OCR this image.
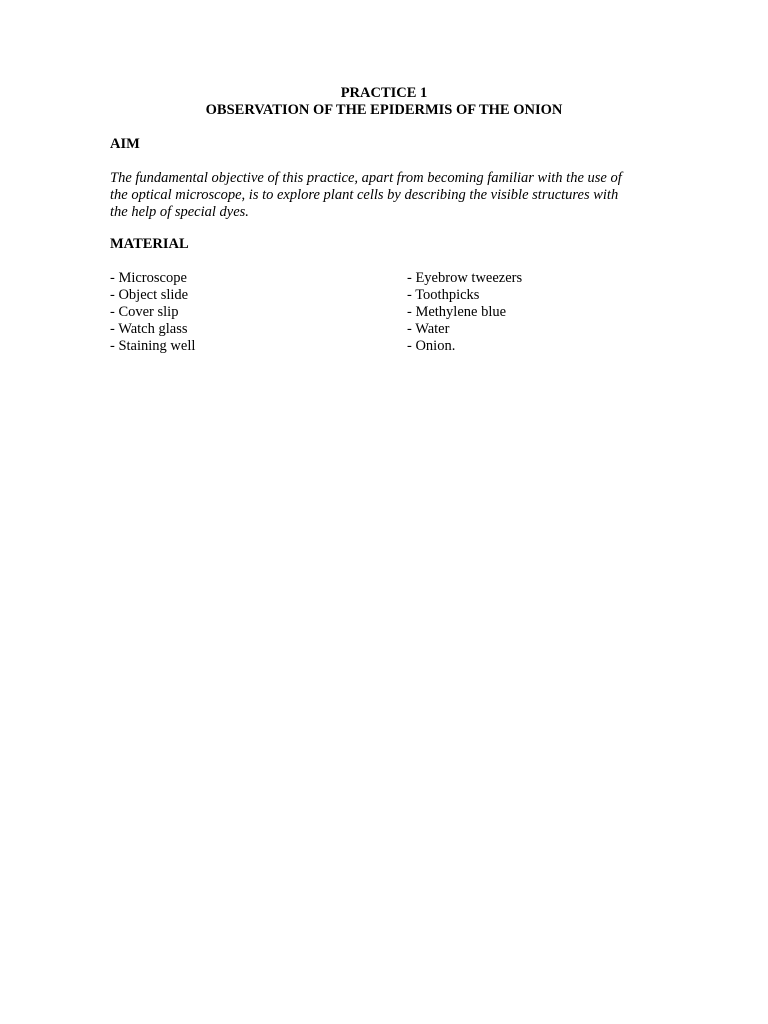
PRACTICE 1
OBSERVATION OF THE EPIDERMIS OF THE ONION
AIM
The fundamental objective of this practice, apart from becoming familiar with the use of
the optical microscope, is to explore plant cells by describing the visible structures with
the help of special dyes.
MATERIAL
- Microscope
- Object slide
- Cover slip
- Watch glass
- Staining well
- Eyebrow tweezers
- Toothpicks
- Methylene blue
- Water
- Onion.
